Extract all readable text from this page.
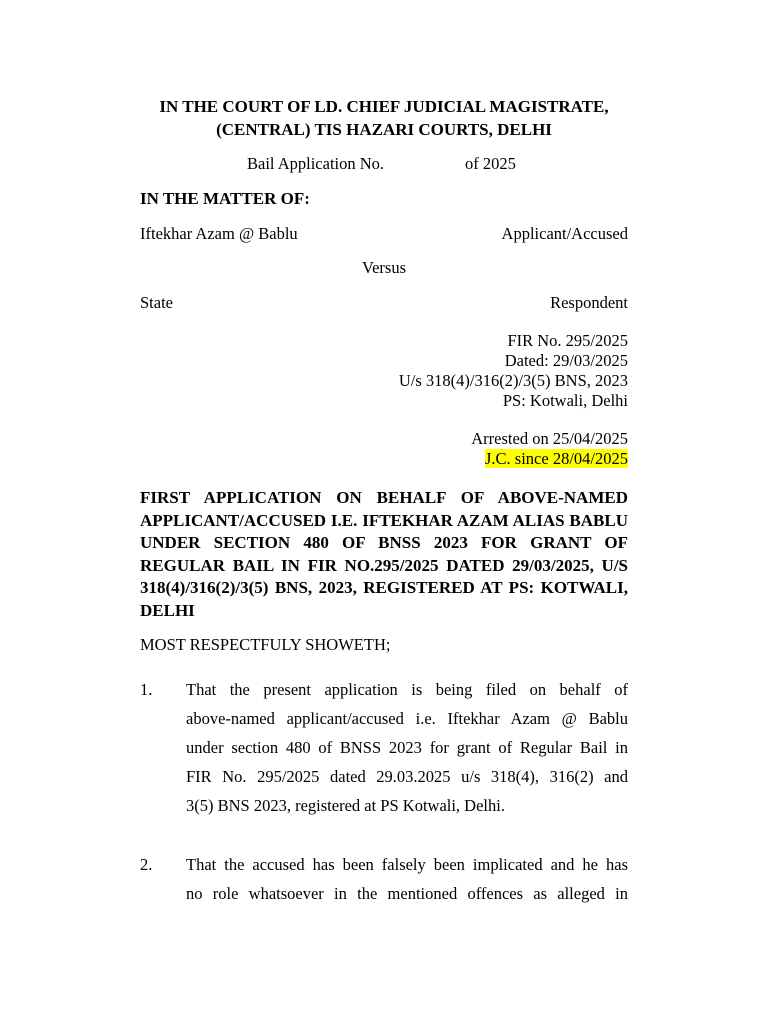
IN THE COURT OF LD. CHIEF JUDICIAL MAGISTRATE,
(CENTRAL) TIS HAZARI COURTS, DELHI
Bail Application No.	of 2025
IN THE MATTER OF:
Iftekhar Azam @ Bablu	Applicant/Accused
Versus
State	Respondent
FIR No. 295/2025
Dated: 29/03/2025
U/s 318(4)/316(2)/3(5) BNS, 2023
PS: Kotwali, Delhi
Arrested on 25/04/2025
J.C. since 28/04/2025
FIRST APPLICATION ON BEHALF OF ABOVE-NAMED APPLICANT/ACCUSED I.E. IFTEKHAR AZAM ALIAS BABLU UNDER SECTION 480 OF BNSS 2023 FOR GRANT OF REGULAR BAIL IN FIR NO.295/2025 DATED 29/03/2025, U/S 318(4)/316(2)/3(5) BNS, 2023, REGISTERED AT PS: KOTWALI, DELHI
MOST RESPECTFULY SHOWETH;
1. That the present application is being filed on behalf of
above-named applicant/accused i.e. Iftekhar Azam @ Bablu
under section 480 of BNSS 2023 for grant of Regular Bail in
FIR No. 295/2025 dated 29.03.2025 u/s 318(4), 316(2) and
3(5) BNS 2023, registered at PS Kotwali, Delhi.
2. That the accused has been falsely been implicated and he has
no role whatsoever in the mentioned offences as alleged in
